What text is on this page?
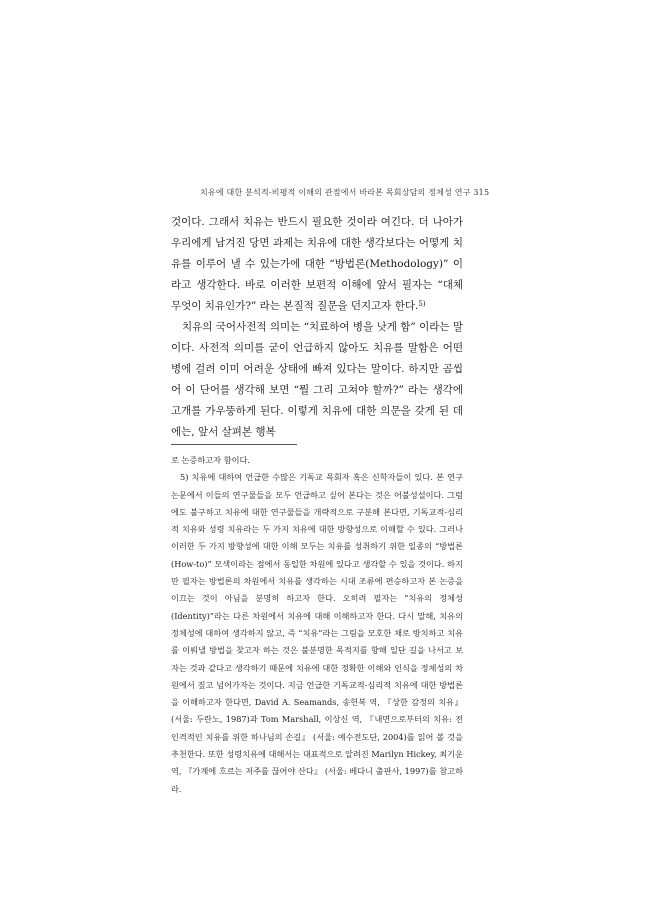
치유에 대한 분석적-비평적 이해의 관점에서 바라본 목회상담의 정체성 연구 315

것이다. 그래서 치유는 반드시 필요한 것이라 여긴다. 더 나아가 우리에게 남겨진 당면 과제는 치유에 대한 생각보다는 어떻게 치유를 이루어 낼 수 있는가에 대한 “방법론(Methodology)” 이라고 생각한다. 바로 이러한 보편적 이해에 앞서 필자는 “대체 무엇이 치유인가?” 라는 본질적 질문을 던지고자 한다.$^{5)}$

치유의 국어사전적 의미는 “치료하여 병을 낫게 함” 이라는 말이다. 사전적 의미를 굳이 언급하지 않아도 치유를 말함은 어떤 병에 걸려 이미 어려운 상태에 빠져 있다는 말이다. 하지만 곰씹어 이 단어를 생각해 보면 “뭘 그리 고쳐야 할까?” 라는 생각에 고개를 가우뚱하게 된다. 이렇게 치유에 대한 의문을 갖게 된 데에는, 앞서 살펴본 행복

로 논증하고자 함이다.

5) 치유에 대하여 언급한 수많은 기독교 목회자 혹은 신학자들이 있다. 본 연구논문에서 이들의 연구물들을 모두 언급하고 싶어 본다는 것은 어불성설이다. 그럼에도 불구하고 치유에 대한 연구물들을 개략적으로 구분해 본다면, 기독교적-심리적 치유와 성령 치유라는 두 가지 치유에 대한 방향성으로 이해할 수 있다. 그러나 이러한 두 가지 방향성에 대한 이해 모두는 치유를 성취하기 위한 일종의 “방법론(How-to)” 모색이라는 점에서 동일한 차원에 있다고 생각할 수 있을 것이다. 하지만 필자는 방법론의 차원에서 치유를 생각하는 시대 조류에 편승하고자 본 논증을 이끄는 것이 아님을 분명히 하고자 한다. 오히려 필자는 “치유의 정체성(Identity)”라는 다른 차원에서 치유에 대해 이해하고자 한다. 다시 말해, 치유의 정체성에 대하여 생각하지 않고, 즉 “치유”라는 그림을 모호한 채로 방치하고 치유를 이뤄낼 방법을 찾고자 하는 것은 불분명한 목적지를 향해 일단 길을 나서고 보자는 것과 같다고 생각하기 때문에 치유에 대한 정확한 이해와 인식을 정체성의 차원에서 짚고 넘어가자는 것이다. 지금 언급한 기독교적-심리적 치유에 대한 방법론을 이해하고자 한다면, David A. Seamands, 송헌복 역, 『상한 감정의 치유』 (서울: 두란노, 1987)과 Tom Marshall, 이상신 역, 『내면으로부터의 치유: 전인격적인 치유를 위한 하나님의 손길』 (서울: 예수전도단, 2004)를 읽어 볼 것을 추천한다. 또한 성령치유에 대해서는 대표적으로 알려진 Marilyn Hickey, 최기운 역, 『가계에 흐르는 저주를 끊어야 산다』 (서울: 베다니 출판사, 1997)를 참고하라.
